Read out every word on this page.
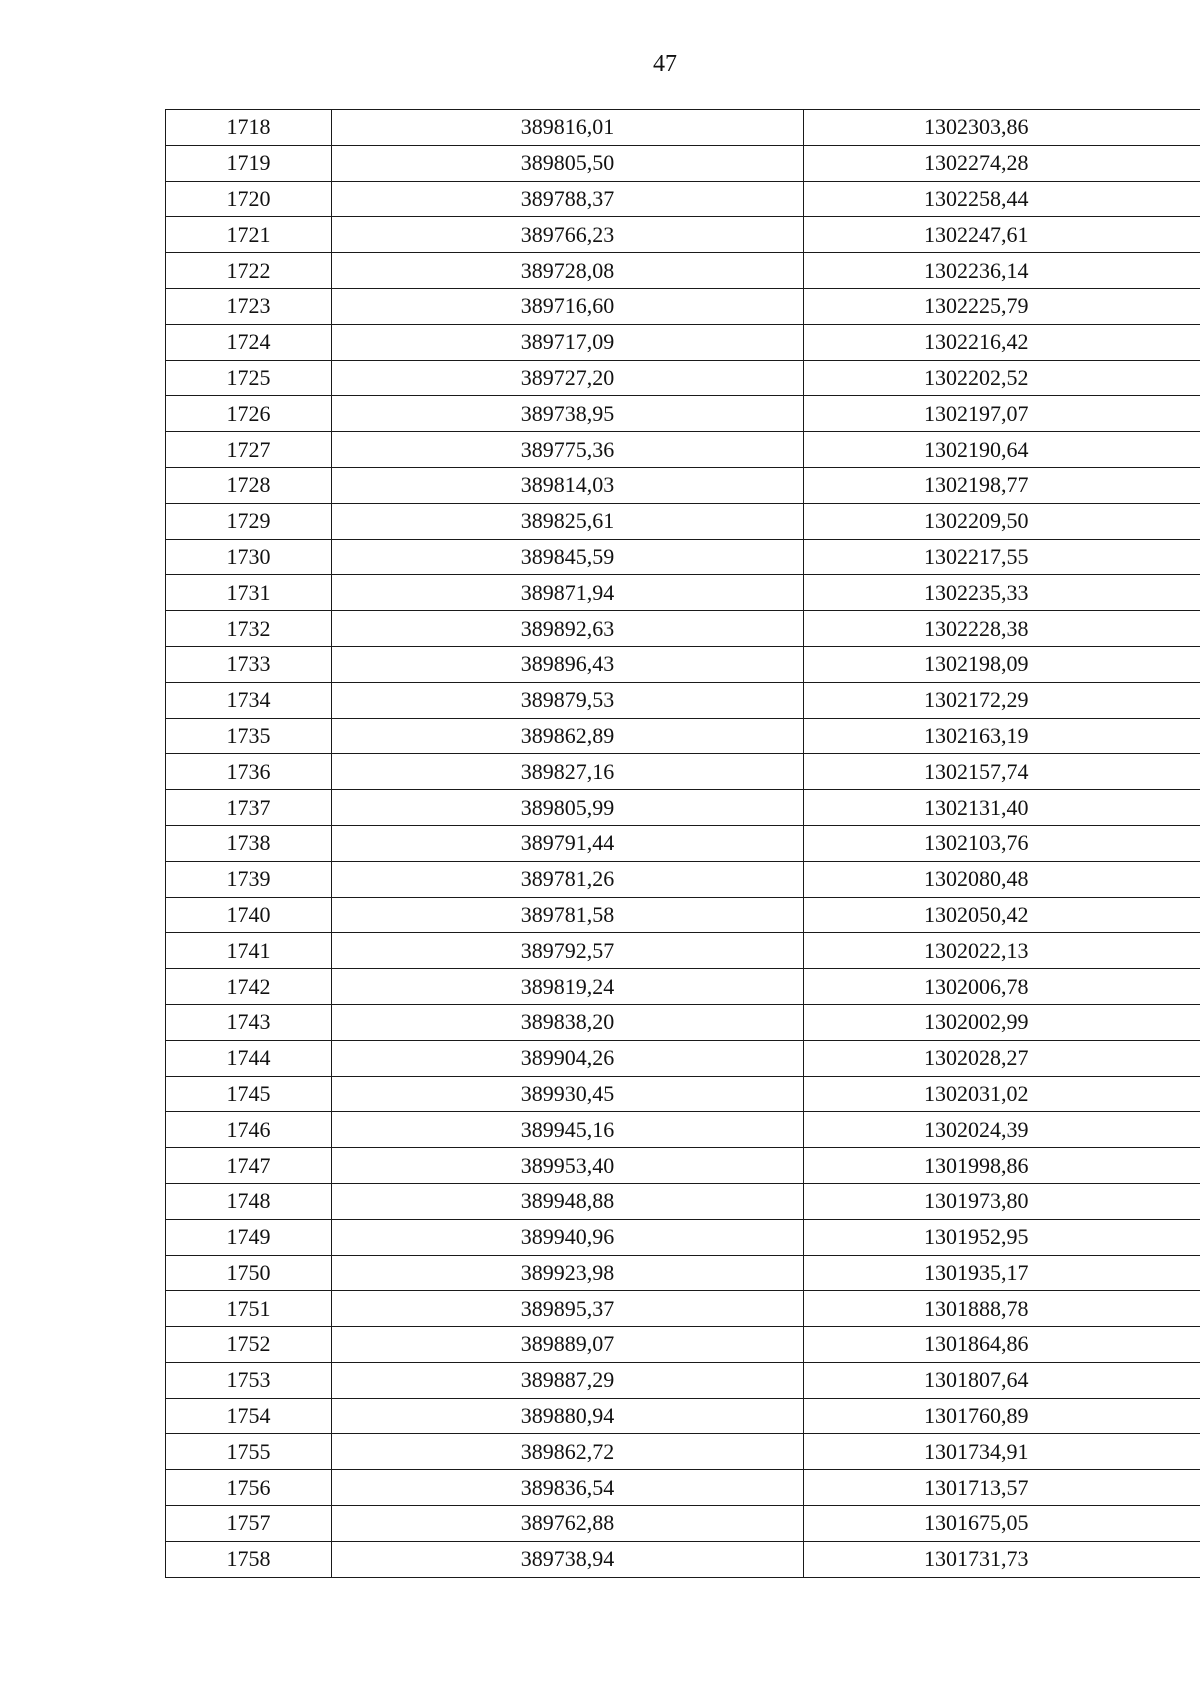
47
1718	389816,01	1302303,86
1719	389805,50	1302274,28
1720	389788,37	1302258,44
1721	389766,23	1302247,61
1722	389728,08	1302236,14
1723	389716,60	1302225,79
1724	389717,09	1302216,42
1725	389727,20	1302202,52
1726	389738,95	1302197,07
1727	389775,36	1302190,64
1728	389814,03	1302198,77
1729	389825,61	1302209,50
1730	389845,59	1302217,55
1731	389871,94	1302235,33
1732	389892,63	1302228,38
1733	389896,43	1302198,09
1734	389879,53	1302172,29
1735	389862,89	1302163,19
1736	389827,16	1302157,74
1737	389805,99	1302131,40
1738	389791,44	1302103,76
1739	389781,26	1302080,48
1740	389781,58	1302050,42
1741	389792,57	1302022,13
1742	389819,24	1302006,78
1743	389838,20	1302002,99
1744	389904,26	1302028,27
1745	389930,45	1302031,02
1746	389945,16	1302024,39
1747	389953,40	1301998,86
1748	389948,88	1301973,80
1749	389940,96	1301952,95
1750	389923,98	1301935,17
1751	389895,37	1301888,78
1752	389889,07	1301864,86
1753	389887,29	1301807,64
1754	389880,94	1301760,89
1755	389862,72	1301734,91
1756	389836,54	1301713,57
1757	389762,88	1301675,05
1758	389738,94	1301731,73
